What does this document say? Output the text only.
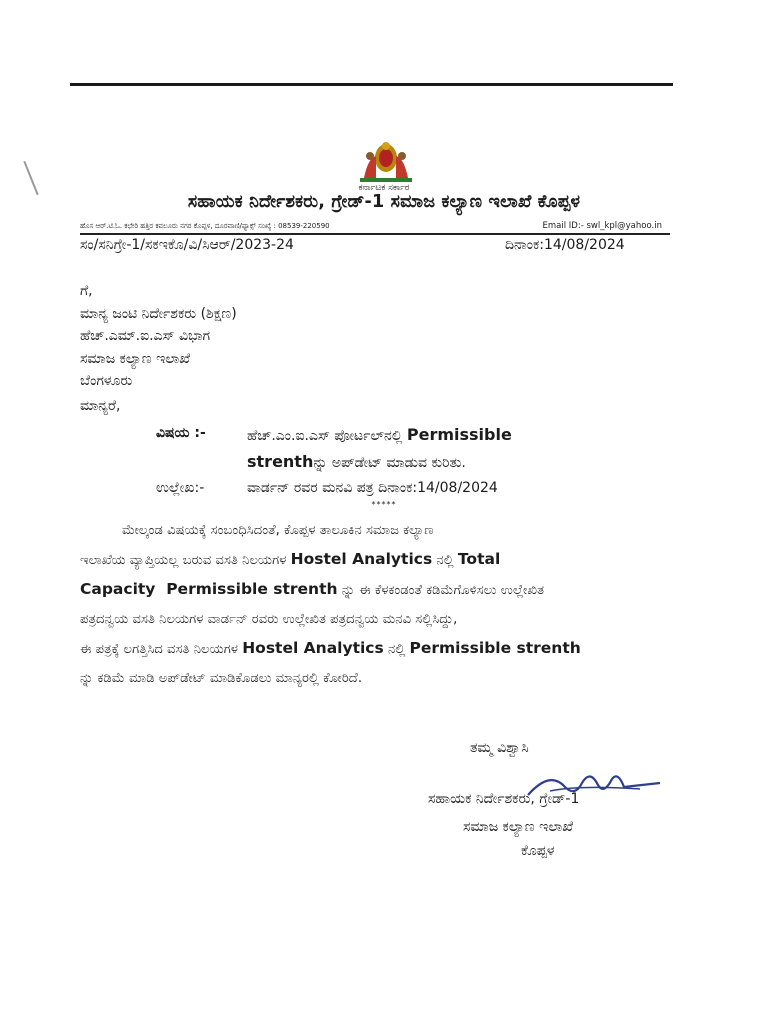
ಕರ್ನಾಟಕ ಸರ್ಕಾರ
ಸಹಾಯಕ ನಿರ್ದೇಶಕರು, ಗ್ರೇಡ್-1 ಸಮಾಜ ಕಲ್ಯಾಣ ಇಲಾಖೆ ಕೊಪ್ಪಳ
ಹೊಸ ಆರ್.ಟಿ.ಓ. ಕಛೇರಿ ಹತ್ತಿರ ಕವಲೂರು ನಗರ ಕೊಪ್ಪಳ, ದೂರವಾಣಿ/ಫ್ಯಾಕ್ಸ್ ಸಂಖ್ಯೆ : 08539-220590	Email ID:- swl_kpl@yahoo.in
ಸಂ/ಸನಿಗ್ರೇ-1/ಸಕಇಕೊ/ವಿ/ಸಿಆರ್/2023-24	ದಿನಾಂಕ:14/08/2024
ಗೆ,
ಮಾನ್ಯ ಜಂಟಿ ನಿರ್ದೇಶಕರು (ಶಿಕ್ಷಣ)
ಹೆಚ್.ಎಮ್.ಐ.ಎಸ್ ವಿಭಾಗ
ಸಮಾಜ ಕಲ್ಯಾಣ ಇಲಾಖೆ
ಬೆಂಗಳೂರು
ಮಾನ್ಯರೆ,
ವಿಷಯ :-	ಹೆಚ್.ಎಂ.ಐ.ಎಸ್ ಪೋರ್ಟಲ್‌ನಲ್ಲಿ Permissible
strenthನ್ನು ಅಪ್‌ಡೇಟ್ ಮಾಡುವ ಕುರಿತು.
ಉಲ್ಲೇಖ:-	ವಾರ್ಡನ್ ರವರ ಮನವಿ ಪತ್ರ ದಿನಾಂಕ:14/08/2024
*****
ಮೇಲ್ಕಂಡ ವಿಷಯಕ್ಕೆ ಸಂಬಂಧಿಸಿದಂತೆ, ಕೊಪ್ಪಳ ತಾಲೂಕಿನ ಸಮಾಜ ಕಲ್ಯಾಣ
ಇಲಾಖೆಯ ವ್ಯಾಪ್ತಿಯಲ್ಲ ಬರುವ ವಸತಿ ನಿಲಯಗಳ Hostel Analytics ನಲ್ಲಿ Total
Capacity  Permissible strenth ನ್ನು ಈ ಕೆಳಕಂಡಂತೆ ಕಡಿಮೆಗೊಳಿಸಲು ಉಲ್ಲೇಖಿತ
ಪತ್ರದನ್ವಯ ವಸತಿ ನಿಲಯಗಳ ವಾರ್ಡನ್ ರವರು ಉಲ್ಲೇಖಿತ ಪತ್ರದನ್ವಯ ಮನವಿ ಸಲ್ಲಿಸಿದ್ದು,
ಈ ಪತ್ರಕ್ಕೆ ಲಗತ್ತಿಸಿದ ವಸತಿ ನಿಲಯಗಳ Hostel Analytics ನಲ್ಲಿ Permissible strenth
ನ್ನು ಕಡಿಮೆ ಮಾಡಿ ಅಪ್‌ಡೇಟ್ ಮಾಡಿಕೊಡಲು ಮಾನ್ಯರಲ್ಲಿ ಕೋರಿದೆ.
ತಮ್ಮ ವಿಶ್ವಾಸಿ
ಸಹಾಯಕ ನಿರ್ದೇಶಕರು, ಗ್ರೇಡ್-1
ಸಮಾಜ ಕಲ್ಯಾಣ ಇಲಾಖೆ
ಕೊಪ್ಪಳ
